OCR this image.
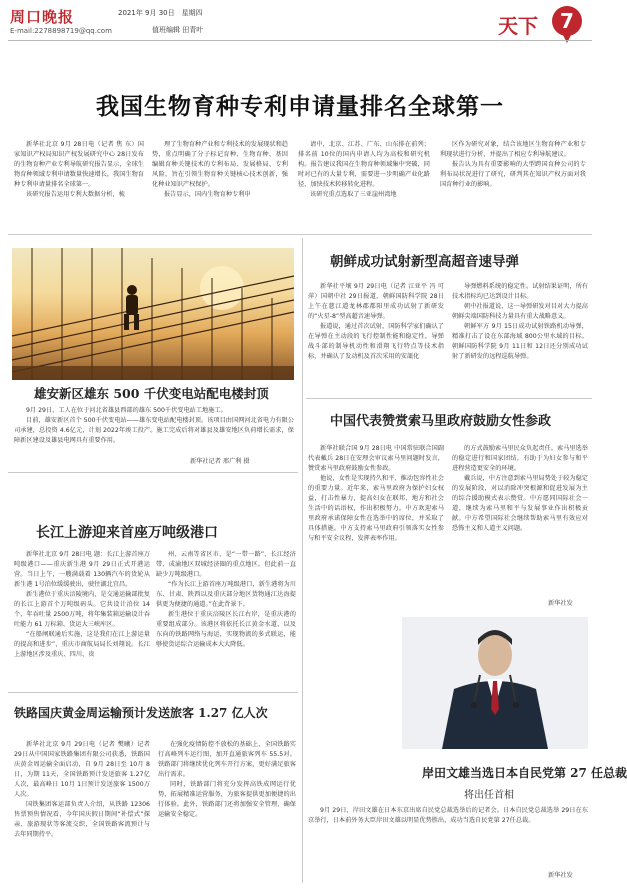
周口晚报
E-mail:2278898719@qq.com
2021年 9月 30日　星期四
值班编辑 田青叶	天下	7
我国生物育种专利申请量排名全球第一

新华社北京 9月 28日电（记者 焦 东）国家知识产权局知识产权发展研究中心 28日发布的生物育种产业专利导航研究报告显示，全球生物育种领域专利申请数量快速增长，我国生物育种专利申请量排名全球第一。

该研究报告运用专利大数据分析，梳

理了生物育种产业和专利技术的发展现状和趋势，重点明确了分子标记育种、生物育种、基因编辑育种关键技术的专利布局、发展格局、专利风险，旨在引领生物育种关键核心技术创新，强化种业知识产权保护。

报告显示，国内生物育种专利申

请中，北京、江苏、广东、山东排在前列；排名前 10位的国内申请人均为高校和研究机构。报告建议我国在生物育种领域集中突破，同时对已有的大量专利，需要进一步明确产业化路径，加快技术转移转化进程。

该研究重点选取了三亚崖州湾地

区作为研究对象，结合该地区生物育种产业和专利现状进行分析，并提出了相应专利导航建议。

报告认为具有重要影响的大型跨国育种公司的专利布局状况进行了研究，研判其在知识产权方面对我国育种行业的影响。

雄安新区雄东 500 千伏变电站配电楼封顶

9月 29日，工人在位于河北省雄县西部的雄东 500千伏变电站工地施工。

目前，雄安新区首个 500千伏变电站——雄东变电站配电楼封顶。该项目由国网河北省电力有限公司承建，总投资 4.6亿元，计划 2022年竣工投产。施工完成后将对雄县及雄安地区负荷增长需求，保障新区建设及雄县电网具有重要作用。

新华社记者 邢广利 摄
长江上游迎来首座万吨级港口

新华社北京 9月 28日电 题：长江上游首座万吨级港口——重庆新生港 9月 29日正式开港运营。当日上午，一艘满载着 130辆汽车的货轮从新生港 1号泊位缓缓驶出，驶往湖北宜昌。

新生港位于重庆涪陵境内，是交通运输部批复的长江上游首个万吨级码头。它共设计泊位 14个，年吞吐量 2500万吨，将年集装箱运输设计吞吐能力 61 万标箱、货运大三峡库区。

“在船闸联通后实施，这是我们在江上游运量的提高和进步”，重庆市商航局局长刘翔说。长江上游地区涉及重庆、四川、贵

州、云南等省区市，是“一带一路”、长江经济带、成渝地区双城经济圈的重点地区。但此前一直缺少万吨级港口。

“作为长江上游首座万吨级港口，新生港将为川东、甘肃、陕西以及重庆部分地区货物通江达海提供更为便捷的通道。”在此背景下。

新生港位于重庆涪陵区长江右岸，是重庆港的重要组成部分。该港区将依托长江黄金水道，以及东向的铁路网络与海运，实现物流的多式联运，能够使货运综合运输成本大大降低。

铁路国庆黄金周运输预计发送旅客 1.27 亿人次

新华社北京 9月 29日电（记者 樊曦）记者 29日从中国国家铁路集团有限公司获悉，铁路国庆黄金周运输全面启动，自 9月 28日至 10月 8日，为期 11天，全国铁路预计发送旅客 1.27亿人次，最高峰日 10月 1日预计发送旅客 1500万人次。

国铁集团客运部负责人介绍，从铁路 12306售票预售情况看，今年国庆假日期间“补偿式”探亲、旅游现状等客流交织，全国铁路客流预计与去年同期持平。

在强化疫情防控不放松的基础上，全国铁路实行高峰列车运行图，加开直通旅客列车 55.5对。铁路部门将继续优化列车开行方案，更好满足旅客出行需求。

同时，铁路部门将充分发挥高铁成网运行优势，拓展精准运营服务，为旅客提供更加便捷的出行体验。此外，铁路部门还将加强安全管理，确保运输安全稳定。

朝鲜成功试射新型高超音速导弹

新华社平壤 9月 29日电（记者 江亚平 冯 可萍）国朝中社 29日报道，朝鲜国防科学院 28日上午在慈江道龙林郡都阳里成功试射了新研发的“火星-8”型高超音速导弹。

报道说，通过首次试射，国防科学家们确认了在导弹在主动段的飞行控制性能和稳定性，导弹战斗部的制导机动性和滑翔飞行特点等技术指标，并确认了发动机及首次采用的安瓿化

导弹燃料系统的稳定性。试射结果证明，所有技术指标均已达到设计目标。

朝中社报道说，这一导弹研发对目对大力提高朝鲜尖端国防科技力量具有重大战略意义。

朝鲜军方 9月 15日成功试射铁路机动导弹，精准打击了设在东部海域 800公里水域的目标。朝鲜国防科学院 9月 11日和 12日还分别成功试射了新研发的远程巡航导弹。

中国代表赞赏索马里政府鼓励女性参政

新华社联合国 9月 28日电 中国常驻联合国副代表戴兵 28日在安理会审议索马里问题时发言，赞赏索马里政府鼓励女性参政。

他说，女性是实现持久和平、推动包容性社会的重要力量。近年来，索马里政府为保护妇女权益，打击性暴力，提高妇女在联邦、地方和社会生活中的话语权，作出积极努力。中方欢迎索马里政府承诺保障女性在选举中的席位，并采取了具体措施。中方支持索马里政府引领落实女性参与和平安全议程，发挥表率作用。

的方式鼓励索马里民众负起责任。索马里选举的稳定进行和国家团结，有助于为妇女参与和平进程营造更安全的环境。

戴兵说，中方注意到索马里局势处于较为稳定的发展阶段，对以消除冲突根源和促进发展为主的综合援助模式表示赞赏。中方愿同国际社会一道，继续为索马里和平与发展事业作出积极贡献。中方希望国际社会继续帮助索马里有效应对恐怖主义和人道主义问题。

新华社发
岸田文雄当选日本自民党第 27 任总裁
将出任首相

9月 29日，岸田文雄在日本东京出席自民党总裁选举后的记者会。日本自民党总裁选举 29日在东京举行，日本前外务大臣岸田文雄以明显优势胜出，成功当选自民党第 27任总裁。

新华社发
